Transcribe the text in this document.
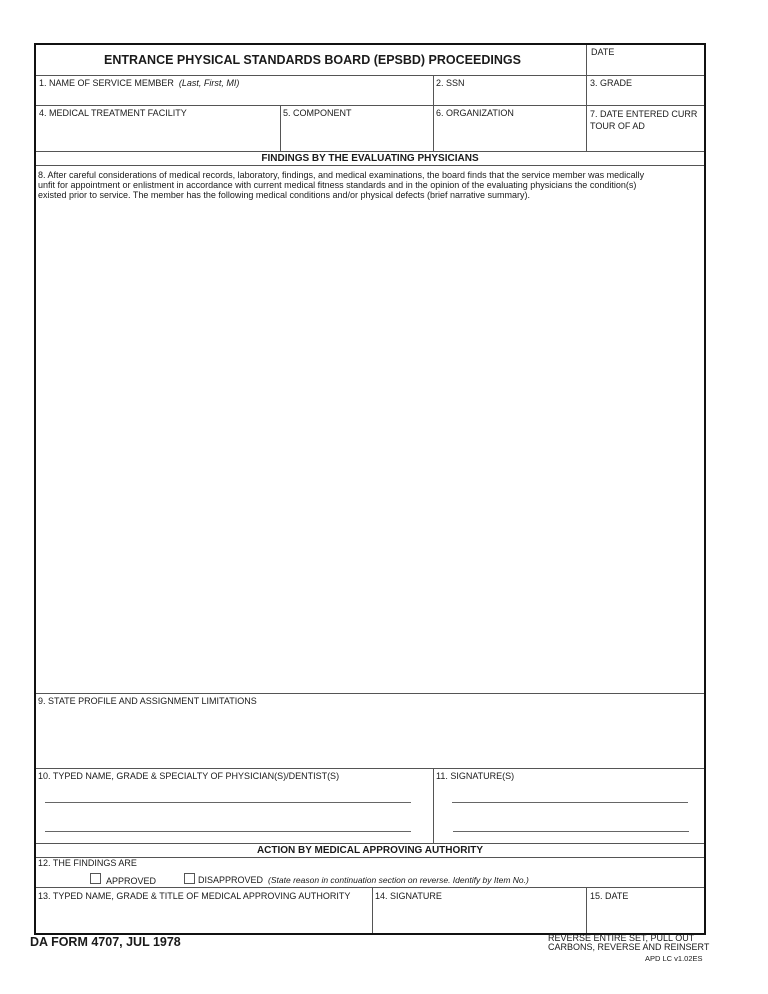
ENTRANCE PHYSICAL STANDARDS BOARD (EPSBD) PROCEEDINGS
DATE
1. NAME OF SERVICE MEMBER (Last, First, MI)	2. SSN	3. GRADE
4. MEDICAL TREATMENT FACILITY	5. COMPONENT	6. ORGANIZATION	7. DATE ENTERED CURR
TOUR OF AD
FINDINGS BY THE EVALUATING PHYSICIANS
8. After careful considerations of medical records, laboratory, findings, and medical examinations, the board finds that the service member was medically
unfit for appointment or enlistment in accordance with current medical fitness standards and in the opinion of the evaluating physicians the condition(s)
existed prior to service. The member has the following medical conditions and/or physical defects (brief narrative summary).
9. STATE PROFILE AND ASSIGNMENT LIMITATIONS
10. TYPED NAME, GRADE & SPECIALTY OF PHYSICIAN(S)/DENTIST(S)	11. SIGNATURE(S)
ACTION BY MEDICAL APPROVING AUTHORITY
12. THE FINDINGS ARE
APPROVED	DISAPPROVED (State reason in continuation section on reverse. Identify by Item No.)
13. TYPED NAME, GRADE & TITLE OF MEDICAL APPROVING AUTHORITY	14. SIGNATURE	15. DATE
DA FORM 4707, JUL 1978	REVERSE ENTIRE SET, PULL OUT
CARBONS, REVERSE AND REINSERT
APD LC v1.02ES
